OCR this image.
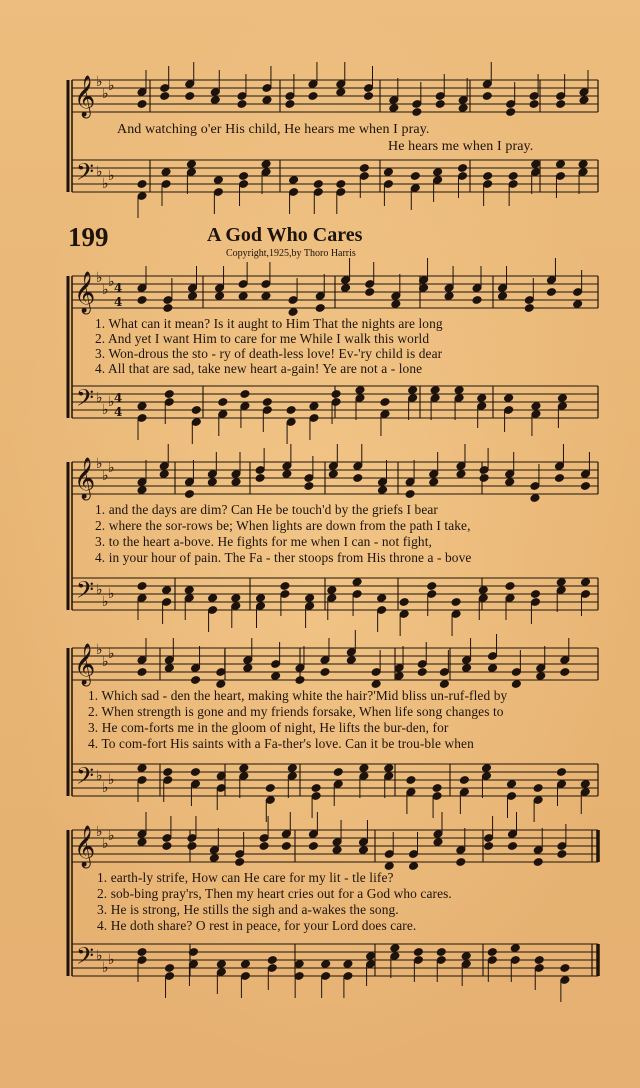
𝄞
𝄢
𝄞
𝄢
𝄞
𝄢
𝄞
𝄢
𝄞
𝄢
♭
♭ ♭
♭
♭ ♭
♭
♭ ♭
♭
♭ ♭
♭
♭ ♭
♭
♭ ♭
♭
♭ ♭
♭
♭ ♭
♭
♭ ♭
♭
♭ ♭
4
4
4
4
And watching o'er His child, He hears me when I pray.
He hears me when I pray.
199	A God Who Cares
Copyright,1925,by Thoro Harris
1. What can it mean? Is it aught to Him That the nights are long
2. And yet I want Him to care for me While I walk this world
3. Won-drous the sto - ry of death-less love! Ev-'ry child is dear
4. All that are sad, take new heart a-gain! Ye are not a - lone
1. and the days are dim? Can He be touch'd by the griefs I bear
2. where the sor-rows be; When lights are down from the path I take,
3. to the heart a-bove. He fights for me when I can - not fight,
4. in your hour of pain. The Fa - ther stoops from His throne a - bove
1. Which sad - den the heart, making white the hair?'Mid bliss un-ruf-fled by
2. When strength is gone and my friends forsake, When life song changes to
3. He com-forts me in the gloom of night, He lifts the bur-den, for
4. To com-fort His saints with a Fa-ther's love. Can it be trou-ble when
1. earth-ly strife, How can He care for my lit - tle life?
2. sob-bing pray'rs, Then my heart cries out for a God who cares.
3. He is strong, He stills the sigh and a-wakes the song.
4. He doth share? O rest in peace, for your Lord does care.
